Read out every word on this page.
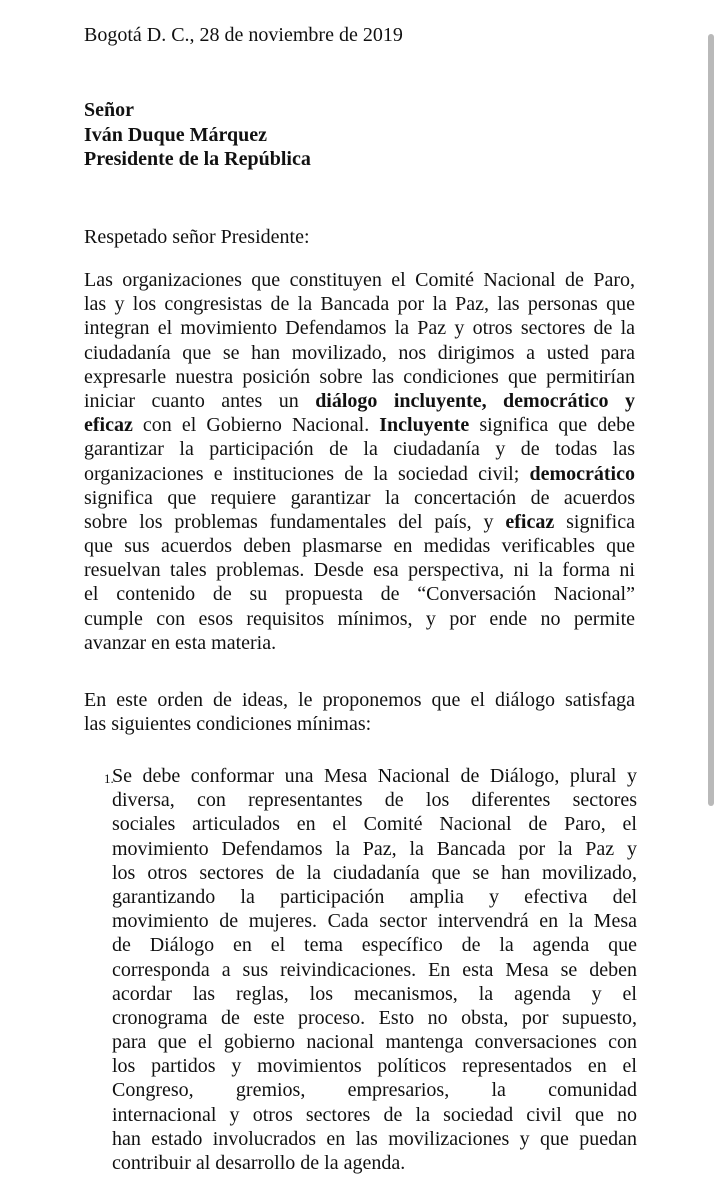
Bogotá D. C., 28 de noviembre de 2019
Señor
Iván Duque Márquez
Presidente de la República
Respetado señor Presidente:
Las organizaciones que constituyen el Comité Nacional de Paro,
las y los congresistas de la Bancada por la Paz, las personas que
integran el movimiento Defendamos la Paz y otros sectores de la
ciudadanía que se han movilizado, nos dirigimos a usted para
expresarle nuestra posición sobre las condiciones que permitirían
iniciar cuanto antes un diálogo incluyente, democrático y
eficaz con el Gobierno Nacional. Incluyente significa que debe
garantizar la participación de la ciudadanía y de todas las
organizaciones e instituciones de la sociedad civil; democrático
significa que requiere garantizar la concertación de acuerdos
sobre los problemas fundamentales del país, y eficaz significa
que sus acuerdos deben plasmarse en medidas verificables que
resuelvan tales problemas. Desde esa perspectiva, ni la forma ni
el contenido de su propuesta de “Conversación Nacional”
cumple con esos requisitos mínimos, y por ende no permite
avanzar en esta materia.
En este orden de ideas, le proponemos que el diálogo satisfaga
las siguientes condiciones mínimas:
1.
Se debe conformar una Mesa Nacional de Diálogo, plural y
diversa, con representantes de los diferentes sectores
sociales articulados en el Comité Nacional de Paro, el
movimiento Defendamos la Paz, la Bancada por la Paz y
los otros sectores de la ciudadanía que se han movilizado,
garantizando la participación amplia y efectiva del
movimiento de mujeres. Cada sector intervendrá en la Mesa
de Diálogo en el tema específico de la agenda que
corresponda a sus reivindicaciones. En esta Mesa se deben
acordar las reglas, los mecanismos, la agenda y el
cronograma de este proceso. Esto no obsta, por supuesto,
para que el gobierno nacional mantenga conversaciones con
los partidos y movimientos políticos representados en el
Congreso, gremios, empresarios, la comunidad
internacional y otros sectores de la sociedad civil que no
han estado involucrados en las movilizaciones y que puedan
contribuir al desarrollo de la agenda.
